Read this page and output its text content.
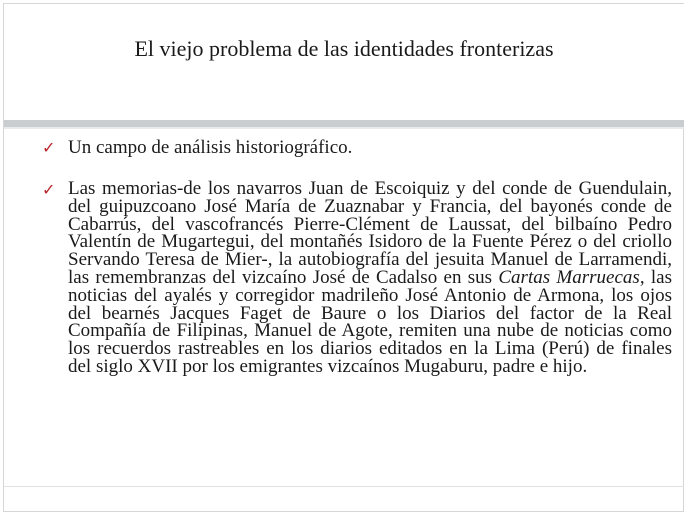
El viejo problema de las identidades fronterizas

✓ Un campo de análisis historiográfico.

✓ Las memorias-de los navarros Juan de Escoiquiz y del conde de Guendulain, del guipuzcoano José María de Zuaznabar y Francia, del bayonés conde de Cabarrús, del vascofrancés Pierre-Clément de Laussat, del bilbaíno Pedro Valentín de Mugartegui, del montañés Isidoro de la Fuente Pérez o del criollo Servando Teresa de Mier-, la autobiografía del jesuita Manuel de Larramendi, las remembranzas del vizcaíno José de Cadalso en sus Cartas Marruecas, las noticias del ayalés y corregidor madrileño José Antonio de Armona, los ojos del bearnés Jacques Faget de Baure o los Diarios del factor de la Real Compañía de Filipinas, Manuel de Agote, remiten una nube de noticias como los recuerdos rastreables en los diarios editados en la Lima (Perú) de finales del siglo XVII por los emigrantes vizcaínos Mugaburu, padre e hijo.
